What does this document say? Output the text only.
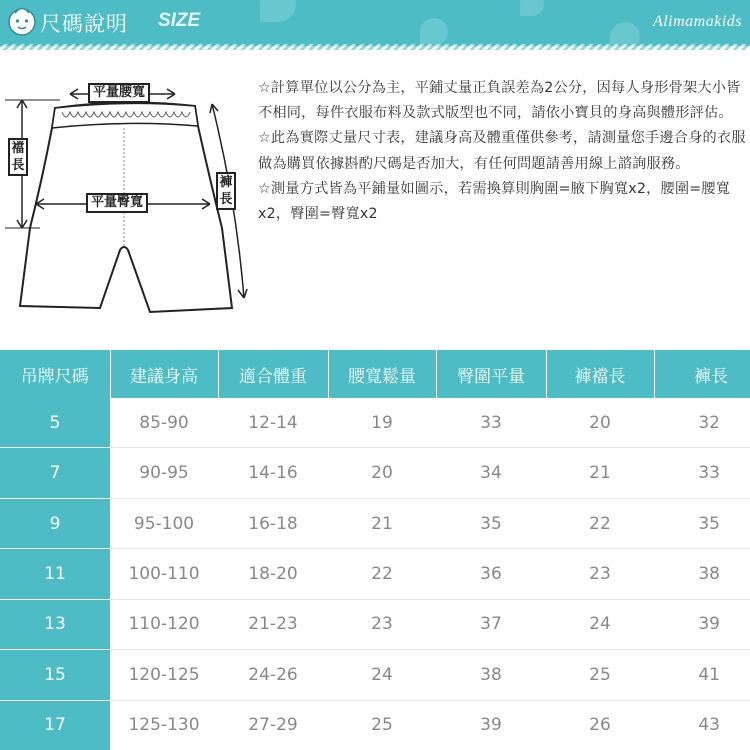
尺碼說明 SIZE	Alimamakids
平量腰寬
平量臀寬
襠長
褲長

☆計算單位以公分為主，平鋪丈量正負誤差為2公分，因每人身形骨架大小皆不相同，每件衣服布料及款式版型也不同，請依小寶貝的身高與體形評估。

☆此為實際丈量尺寸表，建議身高及體重僅供參考，請測量您手邊合身的衣服做為購買依據斟酌尺碼是否加大，有任何問題請善用線上諮詢服務。

☆測量方式皆為平鋪量如圖示，若需換算則胸圍=腋下胸寬x2，腰圍=腰寬x2，臀圍=臀寬x2

吊牌尺碼	建議身高	適合體重	腰寬鬆量	臀圍平量	褲襠長	褲長
5	85-90	12-14	19	33	20	32
7	90-95	14-16	20	34	21	33
9	95-100	16-18	21	35	22	35
11	100-110	18-20	22	36	23	38
13	110-120	21-23	23	37	24	39
15	120-125	24-26	24	38	25	41
17	125-130	27-29	25	39	26	43
